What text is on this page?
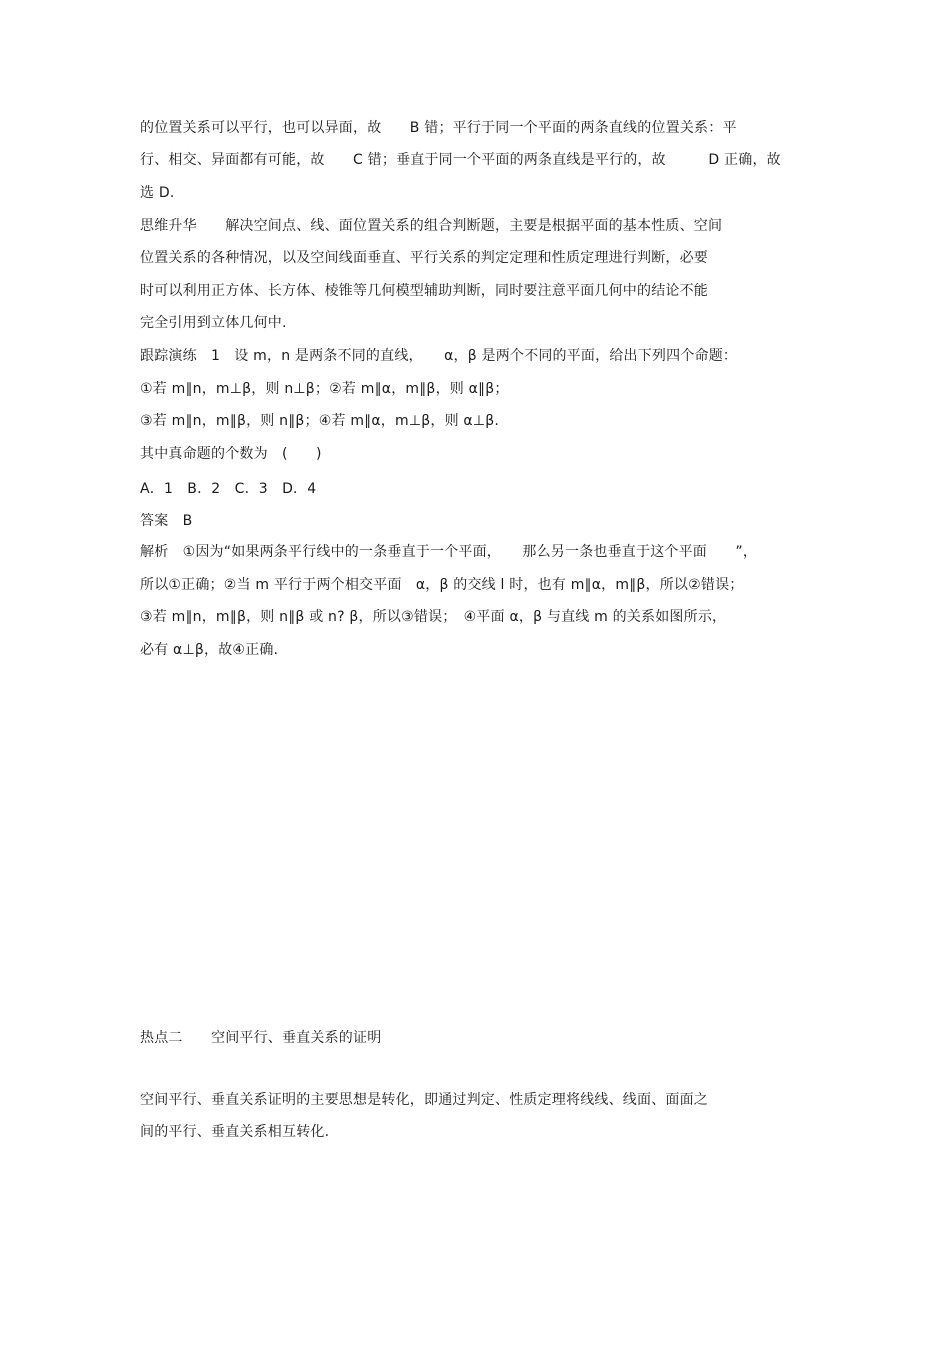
的位置关系可以平行，也可以异面，故　　B 错；平行于同一个平面的两条直线的位置关系：平
行、相交、异面都有可能，故　　C 错；垂直于同一个平面的两条直线是平行的，故　　　D 正确，故
选 D.
思维升华　　解决空间点、线、面位置关系的组合判断题，主要是根据平面的基本性质、空间
位置关系的各种情况，以及空间线面垂直、平行关系的判定定理和性质定理进行判断，必要
时可以利用正方体、长方体、棱锥等几何模型辅助判断，同时要注意平面几何中的结论不能
完全引用到立体几何中.
跟踪演练　1　设 m，n 是两条不同的直线，　　α，β 是两个不同的平面，给出下列四个命题：
①若 m∥n，m⊥β，则 n⊥β；②若 m∥α，m∥β，则 α∥β；
③若 m∥n，m∥β，则 n∥β；④若 m∥α，m⊥β，则 α⊥β.
其中真命题的个数为　(　　)
A．1　B．2　C．3　D．4
答案　B
解析　①因为“如果两条平行线中的一条垂直于一个平面，　　那么另一条也垂直于这个平面　　”，
所以①正确；②当 m 平行于两个相交平面　α，β 的交线 l 时，也有 m∥α，m∥β，所以②错误；
③若 m∥n，m∥β，则 n∥β 或 n? β，所以③错误；　④平面 α，β 与直线 m 的关系如图所示，
必有 α⊥β，故④正确.
热点二　　空间平行、垂直关系的证明
空间平行、垂直关系证明的主要思想是转化，即通过判定、性质定理将线线、线面、面面之
间的平行、垂直关系相互转化.
